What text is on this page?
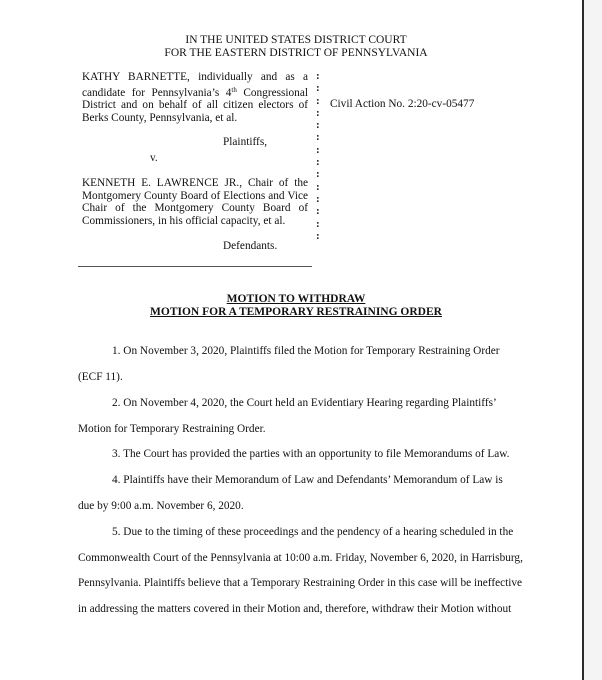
IN THE UNITED STATES DISTRICT COURT
FOR THE EASTERN DISTRICT OF PENNSYLVANIA
KATHY BARNETTE, individually and as a candidate for Pennsylvania’s 4th Congressional District and on behalf of all citizen electors of Berks County, Pennsylvania, et al.
Plaintiffs,
v.
KENNETH E. LAWRENCE JR., Chair of the Montgomery County Board of Elections and Vice Chair of the Montgomery County Board of Commissioners, in his official capacity, et al.
Defendants.
:
:
:
:
:
:
:
:
:
:
:
:
:
:
Civil Action No. 2:20-cv-05477
MOTION TO WITHDRAW
MOTION FOR A TEMPORARY RESTRAINING ORDER
1. On November 3, 2020, Plaintiffs filed the Motion for Temporary Restraining Order
(ECF 11).
2. On November 4, 2020, the Court held an Evidentiary Hearing regarding Plaintiffs’
Motion for Temporary Restraining Order.
3. The Court has provided the parties with an opportunity to file Memorandums of Law.
4. Plaintiffs have their Memorandum of Law and Defendants’ Memorandum of Law is
due by 9:00 a.m. November 6, 2020.
5. Due to the timing of these proceedings and the pendency of a hearing scheduled in the
Commonwealth Court of the Pennsylvania at 10:00 a.m. Friday, November 6, 2020, in Harrisburg,
Pennsylvania. Plaintiffs believe that a Temporary Restraining Order in this case will be ineffective
in addressing the matters covered in their Motion and, therefore, withdraw their Motion without
